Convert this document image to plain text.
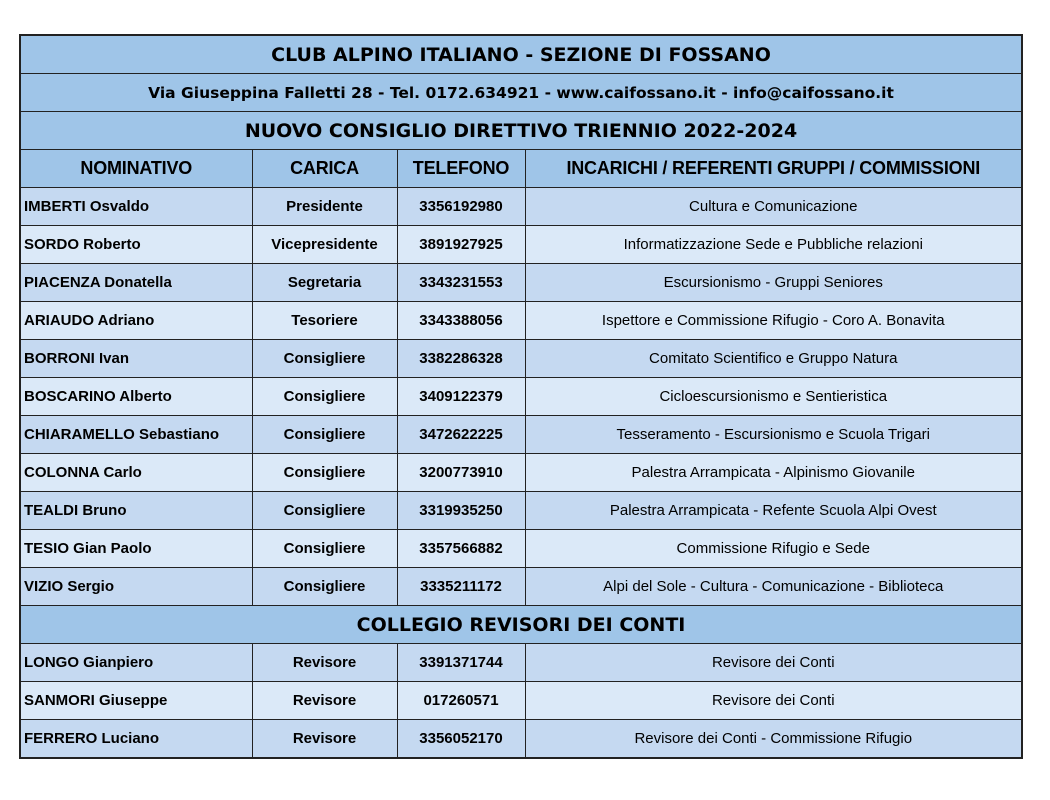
CLUB ALPINO ITALIANO - SEZIONE DI FOSSANO			
Via Giuseppina Falletti 28 - Tel. 0172.634921 - www.caifossano.it - info@caifossano.it			
NUOVO CONSIGLIO DIRETTIVO TRIENNIO 2022-2024			
NOMINATIVO	CARICA	TELEFONO	INCARICHI / REFERENTI GRUPPI / COMMISSIONI
IMBERTI Osvaldo	Presidente	3356192980	Cultura e Comunicazione
SORDO Roberto	Vicepresidente	3891927925	Informatizzazione Sede e Pubbliche relazioni
PIACENZA Donatella	Segretaria	3343231553	Escursionismo - Gruppi Seniores
ARIAUDO Adriano	Tesoriere	3343388056	Ispettore e Commissione Rifugio - Coro A. Bonavita
BORRONI Ivan	Consigliere	3382286328	Comitato Scientifico e Gruppo Natura
BOSCARINO Alberto	Consigliere	3409122379	Cicloescursionismo e Sentieristica
CHIARAMELLO Sebastiano	Consigliere	3472622225	Tesseramento - Escursionismo e Scuola Trigari
COLONNA Carlo	Consigliere	3200773910	Palestra Arrampicata - Alpinismo Giovanile
TEALDI Bruno	Consigliere	3319935250	Palestra Arrampicata - Refente Scuola Alpi Ovest
TESIO Gian Paolo	Consigliere	3357566882	Commissione Rifugio e Sede
VIZIO Sergio	Consigliere	3335211172	Alpi del Sole - Cultura - Comunicazione - Biblioteca
COLLEGIO REVISORI DEI CONTI			
LONGO Gianpiero	Revisore	3391371744	Revisore dei Conti
SANMORI Giuseppe	Revisore	017260571	Revisore dei Conti
FERRERO Luciano	Revisore	3356052170	Revisore dei Conti - Commissione Rifugio
